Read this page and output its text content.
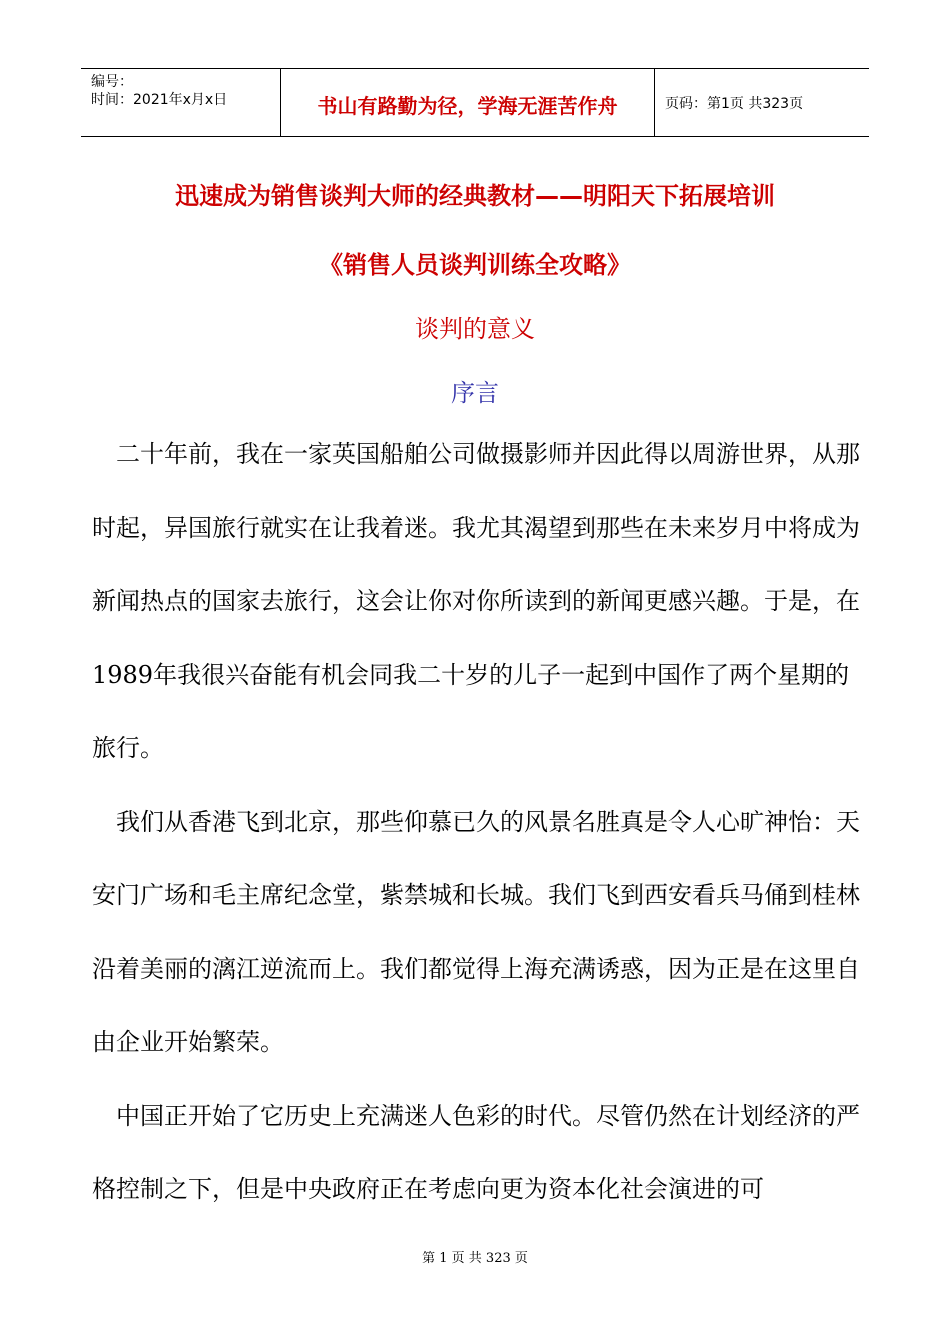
编号：
时间：2021年x月x日	书山有路勤为径，学海无涯苦作舟	页码：第1页 共323页
迅速成为销售谈判大师的经典教材——明阳天下拓展培训
《销售人员谈判训练全攻略》
谈判的意义
序言

二十年前，我在一家英国船舶公司做摄影师并因此得以周游世界，从那时起，异国旅行就实在让我着迷。我尤其渴望到那些在未来岁月中将成为新闻热点的国家去旅行，这会让你对你所读到的新闻更感兴趣。于是，在1989年我很兴奋能有机会同我二十岁的儿子一起到中国作了两个星期的旅行。

我们从香港飞到北京，那些仰慕已久的风景名胜真是令人心旷神怡：天安门广场和毛主席纪念堂，紫禁城和长城。我们飞到西安看兵马俑到桂林沿着美丽的漓江逆流而上。我们都觉得上海充满诱惑，因为正是在这里自由企业开始繁荣。

中国正开始了它历史上充满迷人色彩的时代。尽管仍然在计划经济的严格控制之下，但是中央政府正在考虑向更为资本化社会演进的可

第 1 页 共 323 页
